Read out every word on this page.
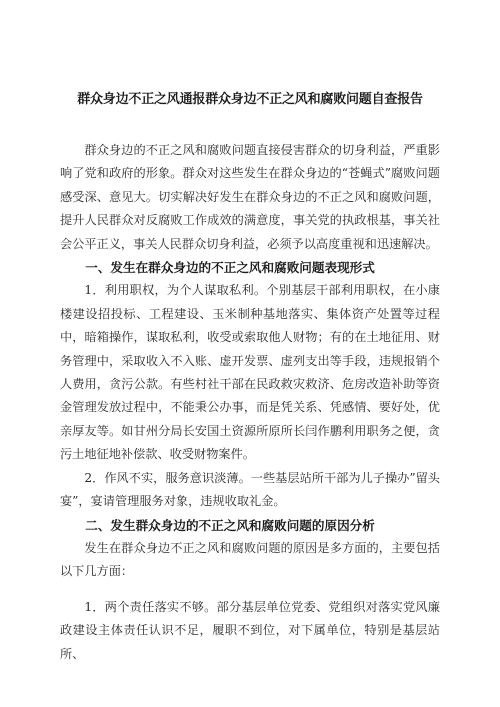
群众身边不正之风通报群众身边不正之风和腐败问题自查报告

群众身边的不正之风和腐败问题直接侵害群众的切身利益，严重影响了党和政府的形象。群众对这些发生在群众身边的“苍蝇式”腐败问题感受深、意见大。切实解决好发生在群众身边的不正之风和腐败问题，提升人民群众对反腐败工作成效的满意度，事关党的执政根基，事关社会公平正义，事关人民群众切身利益，必须予以高度重视和迅速解决。

一、发生在群众身边的不正之风和腐败问题表现形式

1．利用职权，为个人谋取私利。个别基层干部利用职权，在小康楼建设招投标、工程建设、玉米制种基地落实、集体资产处置等过程中，暗箱操作，谋取私利，收受或索取他人财物；有的在土地征用、财务管理中，采取收入不入账、虚开发票、虚列支出等手段，违规报销个人费用，贪污公款。有些村社干部在民政救灾救济、危房改造补助等资金管理发放过程中，不能秉公办事，而是凭关系、凭感情、要好处，优亲厚友等。如甘州分局长安国土资源所原所长闫作鹏利用职务之便，贪污土地征地补偿款、收受财物案件。

2．作风不实，服务意识淡薄。一些基层站所干部为儿子操办”留头宴”，宴请管理服务对象，违规收取礼金。

二、发生群众身边的不正之风和腐败问题的原因分析

发生在群众身边不正之风和腐败问题的原因是多方面的，主要包括以下几方面：

1．两个责任落实不够。部分基层单位党委、党组织对落实党风廉政建设主体责任认识不足，履职不到位，对下属单位，特别是基层站所、
